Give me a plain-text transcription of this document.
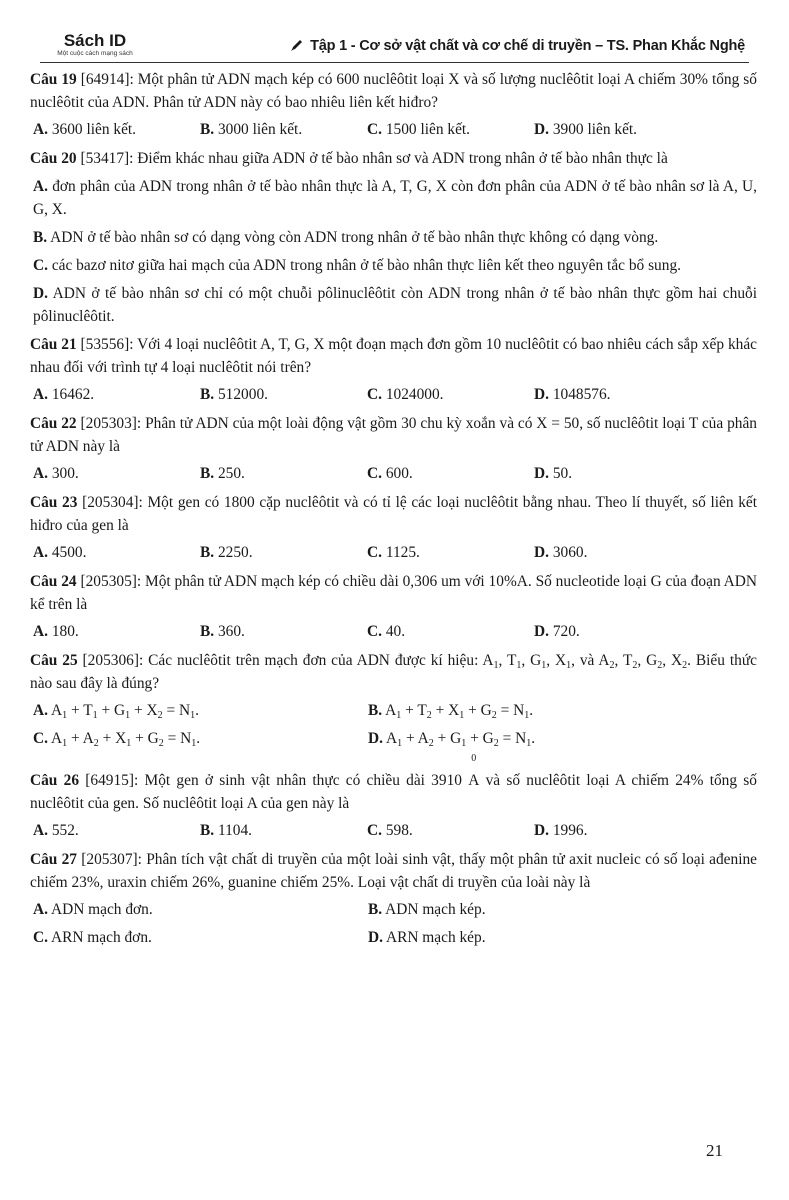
Sách ID
Một cuộc cách mạng sách	Tập 1 - Cơ sở vật chất và cơ chế di truyền – TS. Phan Khắc Nghệ

Câu 19 [64914]: Một phân tử ADN mạch kép có 600 nuclêôtit loại X và số lượng nuclêôtit loại A chiếm 30% tổng số nuclêôtit của ADN. Phân tử ADN này có bao nhiêu liên kết hiđro?

A. 3600 liên kết.	B. 3000 liên kết.	C. 1500 liên kết.	D. 3900 liên kết.

Câu 20 [53417]: Điểm khác nhau giữa ADN ở tế bào nhân sơ và ADN trong nhân ở tế bào nhân thực là

A. đơn phân của ADN trong nhân ở tế bào nhân thực là A, T, G, X còn đơn phân của ADN ở tế bào nhân sơ là A, U, G, X.
B. ADN ở tế bào nhân sơ có dạng vòng còn ADN trong nhân ở tế bào nhân thực không có dạng vòng.
C. các bazơ nitơ giữa hai mạch của ADN trong nhân ở tế bào nhân thực liên kết theo nguyên tắc bổ sung.
D. ADN ở tế bào nhân sơ chỉ có một chuỗi pôlinuclêôtit còn ADN trong nhân ở tế bào nhân thực gồm hai chuỗi pôlinuclêôtit.

Câu 21 [53556]: Với 4 loại nuclêôtit A, T, G, X một đoạn mạch đơn gồm 10 nuclêôtit có bao nhiêu cách sắp xếp khác nhau đối với trình tự 4 loại nuclêôtit nói trên?

A. 16462.	B. 512000.	C. 1024000.	D. 1048576.

Câu 22 [205303]: Phân tử ADN của một loài động vật gồm 30 chu kỳ xoắn và có X = 50, số nuclêôtit loại T của phân tử ADN này là

A. 300.	B. 250.	C. 600.	D. 50.

Câu 23 [205304]: Một gen có 1800 cặp nuclêôtit và có tỉ lệ các loại nuclêôtit bằng nhau. Theo lí thuyết, số liên kết hiđro của gen là

A. 4500.	B. 2250.	C. 1125.	D. 3060.

Câu 24 [205305]: Một phân tử ADN mạch kép có chiều dài 0,306 um với 10%A. Số nucleotide loại G của đoạn ADN kể trên là

A. 180.	B. 360.	C. 40.	D. 720.

Câu 25 [205306]: Các nuclêôtit trên mạch đơn của ADN được kí hiệu: $A_1$, $T_1$, $G_1$, $X_1$, và $A_2$, $T_2$, $G_2$, $X_2$. Biểu thức nào sau đây là đúng?

A. $A_1 + T_1 + G_1 + X_2 = N_1$.	B. $A_1 + T_2 + X_1 + G_2 = N_1$.
C. $A_1 + A_2 + X_1 + G_2 = N_1$.	D. $A_1 + A_2 + G_1 + G_2 = N_1$.

Câu 26 [64915]: Một gen ở sinh vật nhân thực có chiều dài 3910
0
A và số nuclêôtit loại A chiếm 24% tổng số nuclêôtit của gen. Số nuclêôtit loại A của gen này là

A. 552.	B. 1104.	C. 598.	D. 1996.

Câu 27 [205307]: Phân tích vật chất di truyền của một loài sinh vật, thấy một phân tử axit nucleic có số loại ađenine chiếm 23%, uraxin chiếm 26%, guanine chiếm 25%. Loại vật chất di truyền của loài này là

A. ADN mạch đơn.	B. ADN mạch kép.
C. ARN mạch đơn.	D. ARN mạch kép.
21
